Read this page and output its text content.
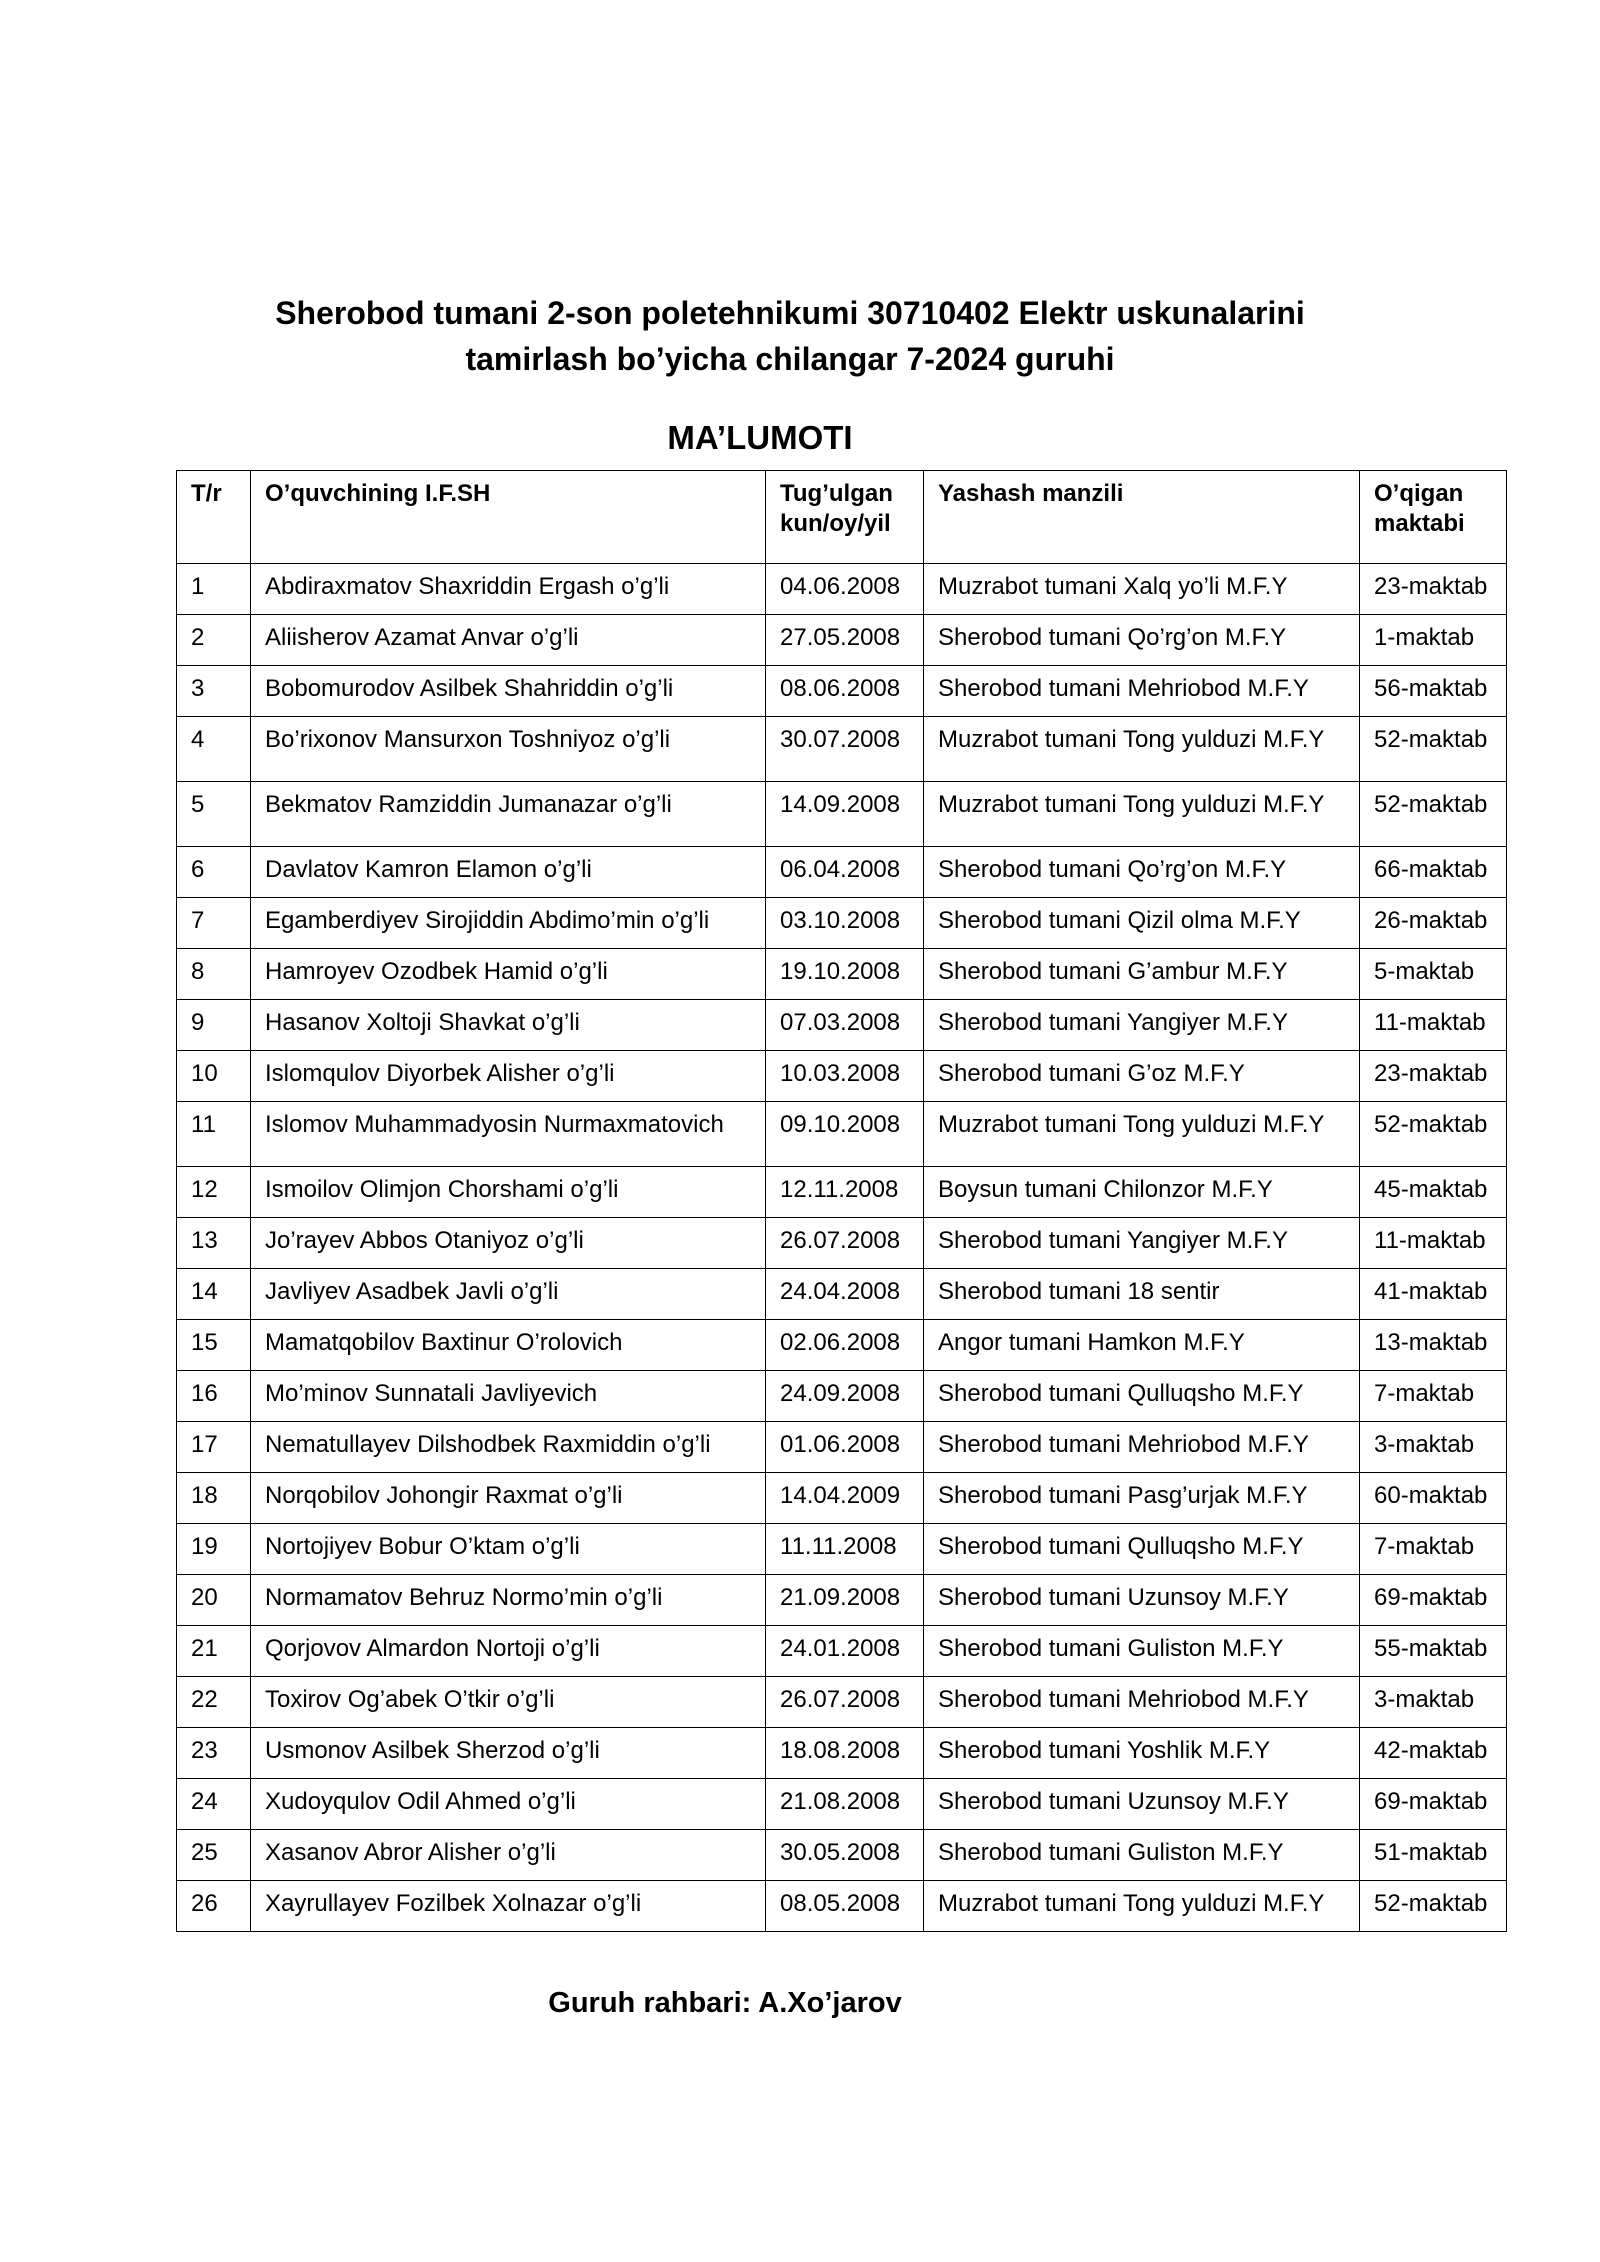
Sherobod tumani 2-son poletehnikumi 30710402 Elektr uskunalarini tamirlash bo’yicha chilangar 7-2024 guruhi
MA’LUMOTI
T/r	O’quvchining I.F.SH	Tug’ulgan kun/oy/yil	Yashash manzili	O’qigan maktabi
1	Abdiraxmatov Shaxriddin Ergash o’g’li	04.06.2008	Muzrabot tumani Xalq yo’li M.F.Y	23-maktab
2	Aliisherov Azamat Anvar o’g’li	27.05.2008	Sherobod tumani Qo’rg’on M.F.Y	1-maktab
3	Bobomurodov Asilbek Shahriddin o’g’li	08.06.2008	Sherobod tumani Mehriobod M.F.Y	56-maktab
4	Bo’rixonov Mansurxon Toshniyoz o’g’li	30.07.2008	Muzrabot tumani Tong yulduzi M.F.Y	52-maktab
5	Bekmatov Ramziddin Jumanazar o’g’li	14.09.2008	Muzrabot tumani Tong yulduzi M.F.Y	52-maktab
6	Davlatov Kamron Elamon o’g’li	06.04.2008	Sherobod tumani Qo’rg’on M.F.Y	66-maktab
7	Egamberdiyev Sirojiddin Abdimo’min o’g’li	03.10.2008	Sherobod tumani Qizil olma M.F.Y	26-maktab
8	Hamroyev Ozodbek Hamid o’g’li	19.10.2008	Sherobod tumani G’ambur M.F.Y	5-maktab
9	Hasanov Xoltoji Shavkat o’g’li	07.03.2008	Sherobod tumani Yangiyer M.F.Y	11-maktab
10	Islomqulov Diyorbek Alisher o’g’li	10.03.2008	Sherobod tumani G’oz M.F.Y	23-maktab
11	Islomov Muhammadyosin Nurmaxmatovich	09.10.2008	Muzrabot tumani Tong yulduzi M.F.Y	52-maktab
12	Ismoilov Olimjon Chorshami o’g’li	12.11.2008	Boysun tumani Chilonzor M.F.Y	45-maktab
13	Jo’rayev Abbos Otaniyoz o’g’li	26.07.2008	Sherobod tumani Yangiyer M.F.Y	11-maktab
14	Javliyev Asadbek Javli o’g’li	24.04.2008	Sherobod tumani 18 sentir	41-maktab
15	Mamatqobilov Baxtinur O’rolovich	02.06.2008	Angor tumani Hamkon M.F.Y	13-maktab
16	Mo’minov Sunnatali Javliyevich	24.09.2008	Sherobod tumani Qulluqsho M.F.Y	7-maktab
17	Nematullayev Dilshodbek Raxmiddin o’g’li	01.06.2008	Sherobod tumani Mehriobod M.F.Y	3-maktab
18	Norqobilov Johongir Raxmat o’g’li	14.04.2009	Sherobod tumani Pasg’urjak M.F.Y	60-maktab
19	Nortojiyev Bobur O’ktam o’g’li	11.11.2008	Sherobod tumani Qulluqsho M.F.Y	7-maktab
20	Normamatov Behruz Normo’min o’g’li	21.09.2008	Sherobod tumani Uzunsoy M.F.Y	69-maktab
21	Qorjovov Almardon Nortoji o’g’li	24.01.2008	Sherobod tumani Guliston M.F.Y	55-maktab
22	Toxirov Og’abek O’tkir o’g’li	26.07.2008	Sherobod tumani Mehriobod M.F.Y	3-maktab
23	Usmonov Asilbek Sherzod o’g’li	18.08.2008	Sherobod tumani Yoshlik M.F.Y	42-maktab
24	Xudoyqulov Odil Ahmed o’g’li	21.08.2008	Sherobod tumani Uzunsoy M.F.Y	69-maktab
25	Xasanov Abror Alisher o’g’li	30.05.2008	Sherobod tumani Guliston M.F.Y	51-maktab
26	Xayrullayev Fozilbek Xolnazar o’g’li	08.05.2008	Muzrabot tumani Tong yulduzi M.F.Y	52-maktab
Guruh rahbari: A.Xo’jarov
